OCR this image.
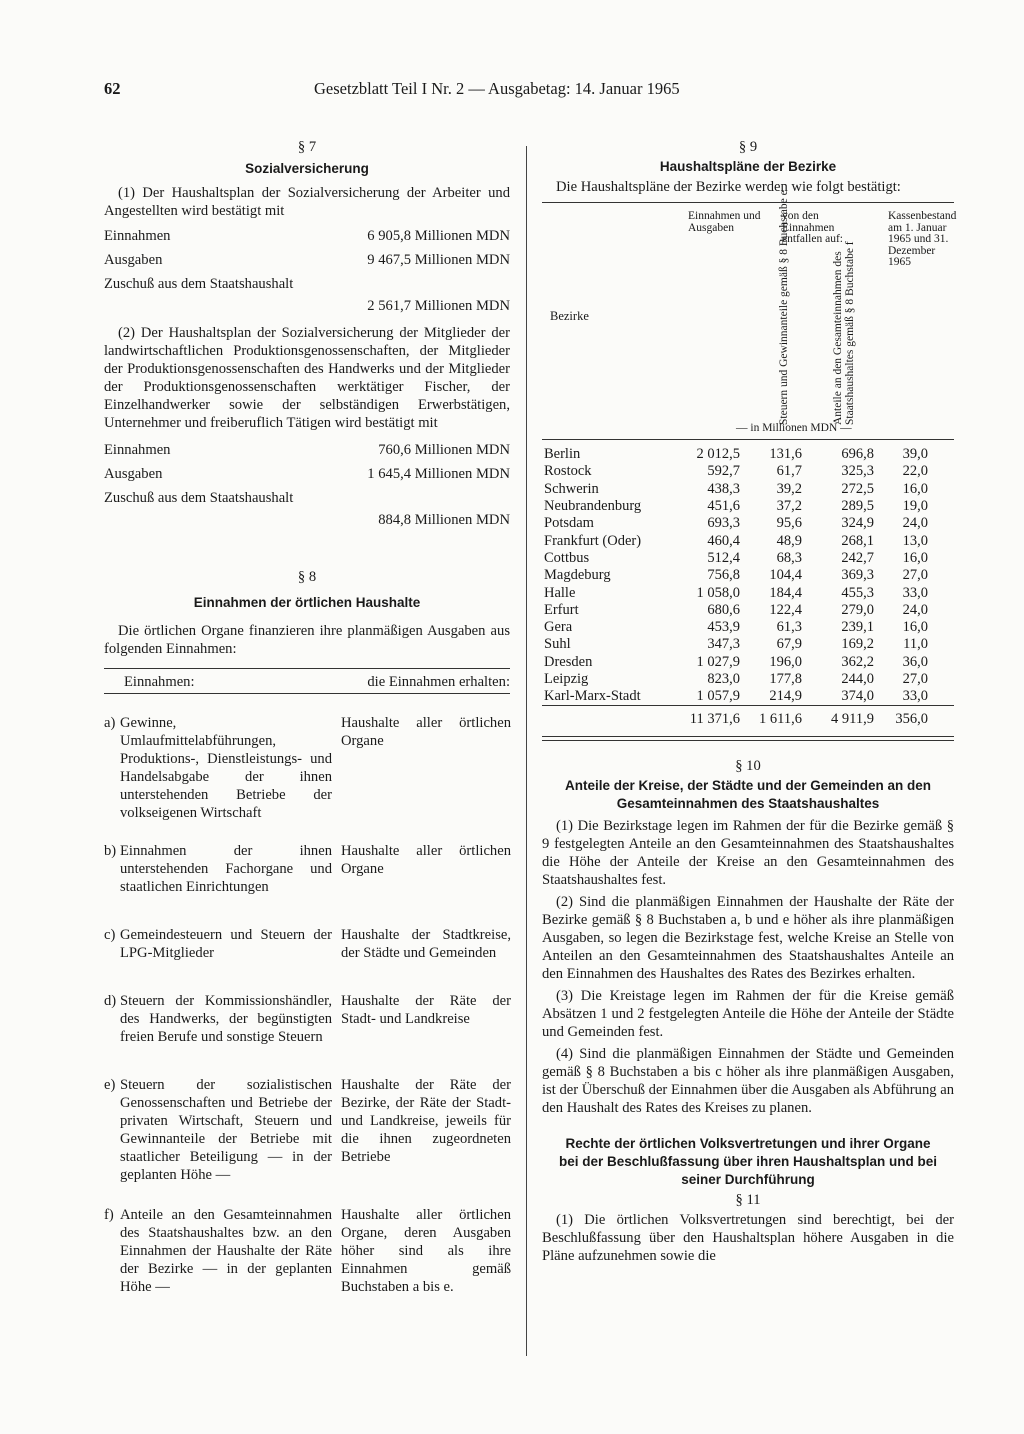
62	Gesetzblatt Teil I Nr. 2 — Ausgabetag: 14. Januar 1965
§ 7
Sozialversicherung

(1) Der Haushaltsplan der Sozialversicherung der Arbeiter und Angestellten wird bestätigt mit

Einnahmen	6 905,8 Millionen MDN
Ausgaben	9 467,5 Millionen MDN
Zuschuß aus dem Staatshaushalt
2 561,7 Millionen MDN

(2) Der Haushaltsplan der Sozialversicherung der Mitglieder der landwirtschaftlichen Produktionsgenossenschaften, der Mitglieder der Produktionsgenossenschaften des Handwerks und der Mitglieder der Produktionsgenossenschaften werktätiger Fischer, der Einzelhandwerker sowie der selbständigen Erwerbstätigen, Unternehmer und freiberuflich Tätigen wird bestätigt mit

Einnahmen	760,6 Millionen MDN
Ausgaben	1 645,4 Millionen MDN
Zuschuß aus dem Staatshaushalt
884,8 Millionen MDN
§ 8
Einnahmen der örtlichen Haushalte

Die örtlichen Organe finanzieren ihre planmäßigen Ausgaben aus folgenden Einnahmen:

Einnahmen:	die Einnahmen erhalten:
a) Gewinne, Umlaufmittelabführungen, Produktions-, Dienstleistungs- und Handelsabgabe der ihnen unterstehenden Betriebe der volkseigenen Wirtschaft
Haushalte aller örtlichen Organe
b) Einnahmen der ihnen unterstehenden Fachorgane und staatlichen Einrichtungen
Haushalte aller örtlichen Organe
c) Gemeindesteuern und Steuern der LPG-Mitglieder
Haushalte der Stadtkreise, der Städte und Gemeinden
d) Steuern der Kommissionshändler, des Handwerks, der begünstigten freien Berufe und sonstige Steuern
Haushalte der Räte der Stadt- und Landkreise
e) Steuern der sozialistischen Genossenschaften und Betriebe der privaten Wirtschaft, Steuern und Gewinnanteile der Betriebe mit staatlicher Beteiligung — in der geplanten Höhe —
Haushalte der Räte der Bezirke, der Räte der Stadt- und Landkreise, jeweils für die ihnen zugeordneten Betriebe
f) Anteile an den Gesamteinnahmen des Staatshaushaltes bzw. an den Einnahmen der Haushalte der Räte der Bezirke — in der geplanten Höhe —
Haushalte aller örtlichen Organe, deren Ausgaben höher sind als ihre Einnahmen gemäß Buchstaben a bis e.
§ 9
Haushaltspläne der Bezirke

Die Haushaltspläne der Bezirke werden wie folgt bestätigt:

Bezirke
Einnahmen und Ausgaben
von den Einnahmen entfallen auf:
Steuern und Gewinnanteile gemäß § 8 Buchstabe e	Anteile an den Gesamteinnahmen des Staatshaushaltes gemäß § 8 Buchstabe f
Kassenbestand am 1. Januar 1965 und 31. Dezember 1965
— in Millionen MDN —
Berlin	2 012,5	131,6	696,8	39,0	
Rostock	592,7	61,7	325,3	22,0	
Schwerin	438,3	39,2	272,5	16,0	
Neubrandenburg	451,6	37,2	289,5	19,0	
Potsdam	693,3	95,6	324,9	24,0	
Frankfurt (Oder)	460,4	48,9	268,1	13,0	
Cottbus	512,4	68,3	242,7	16,0	
Magdeburg	756,8	104,4	369,3	27,0	
Halle	1 058,0	184,4	455,3	33,0	
Erfurt	680,6	122,4	279,0	24,0	
Gera	453,9	61,3	239,1	16,0	
Suhl	347,3	67,9	169,2	11,0	
Dresden	1 027,9	196,0	362,2	36,0	
Leipzig	823,0	177,8	244,0	27,0	
Karl-Marx-Stadt	1 057,9	214,9	374,0	33,0	
	11 371,6	1 611,6	4 911,9	356,0	
§ 10
Anteile der Kreise, der Städte und der Gemeinden an den Gesamteinnahmen des Staatshaushaltes

(1) Die Bezirkstage legen im Rahmen der für die Bezirke gemäß § 9 festgelegten Anteile an den Gesamteinnahmen des Staatshaushaltes die Höhe der Anteile der Kreise an den Gesamteinnahmen des Staatshaushaltes fest.

(2) Sind die planmäßigen Einnahmen der Haushalte der Räte der Bezirke gemäß § 8 Buchstaben a, b und e höher als ihre planmäßigen Ausgaben, so legen die Bezirkstage fest, welche Kreise an Stelle von Anteilen an den Gesamteinnahmen des Staatshaushaltes Anteile an den Einnahmen des Haushaltes des Rates des Bezirkes erhalten.

(3) Die Kreistage legen im Rahmen der für die Kreise gemäß Absätzen 1 und 2 festgelegten Anteile die Höhe der Anteile der Städte und Gemeinden fest.

(4) Sind die planmäßigen Einnahmen der Städte und Gemeinden gemäß § 8 Buchstaben a bis c höher als ihre planmäßigen Ausgaben, ist der Überschuß der Einnahmen über die Ausgaben als Abführung an den Haushalt des Rates des Kreises zu planen.

Rechte der örtlichen Volksvertretungen und ihrer Organe bei der Beschlußfassung über ihren Haushaltsplan und bei seiner Durchführung
§ 11

(1) Die örtlichen Volksvertretungen sind berechtigt, bei der Beschlußfassung über den Haushaltsplan höhere Ausgaben in die Pläne aufzunehmen sowie die
